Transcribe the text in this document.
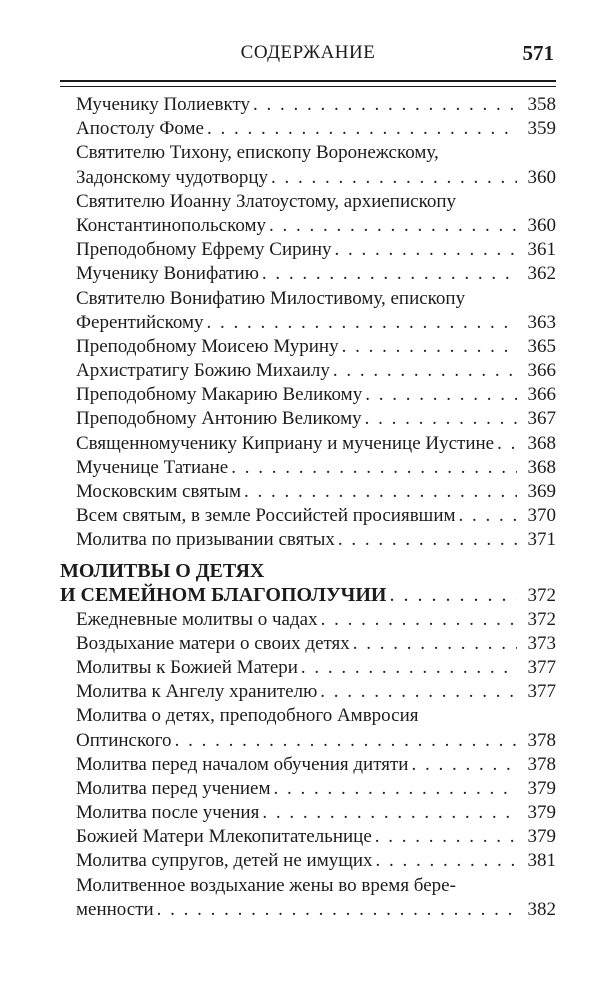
СОДЕРЖАНИЕ	571
Мученику Полиевкту . . .	358
Апостолу Фоме . . .	359
Святителю Тихону, епископу Воронежскому,
Задонскому чудотворцу . . .	360
Святителю Иоанну Златоустому, архиепископу
Константинопольскому . . .	360
Преподобному Ефрему Сирину . . .	361
Мученику Вонифатию . . .	362
Святителю Вонифатию Милостивому, епископу
Ферентийскому . . .	363
Преподобному Моисею Мурину . . .	365
Архистратигу Божию Михаилу . . .	366
Преподобному Макарию Великому . . .	366
Преподобному Антонию Великому . . .	367
Священномученику Киприану и мученице Иустине . . .	368
Мученице Татиане . . .	368
Московским святым . . .	369
Всем святым, в земле Российстей просиявшим . . .	370
Молитва по призывании святых . . .	371
МОЛИТВЫ О ДЕТЯХ
И СЕМЕЙНОМ БЛАГОПОЛУЧИИ . . .	372
Ежедневные молитвы о чадах . . .	372
Воздыхание матери о своих детях . . .	373
Молитвы к Божией Матери . . .	377
Молитва к Ангелу хранителю . . .	377
Молитва о детях, преподобного Амвросия
Оптинского . . .	378
Молитва перед началом обучения дитяти . . .	378
Молитва перед учением . . .	379
Молитва после учения . . .	379
Божией Матери Млекопитательнице . . .	379
Молитва супругов, детей не имущих . . .	381
Молитвенное воздыхание жены во время бере-
менности . . .	382
